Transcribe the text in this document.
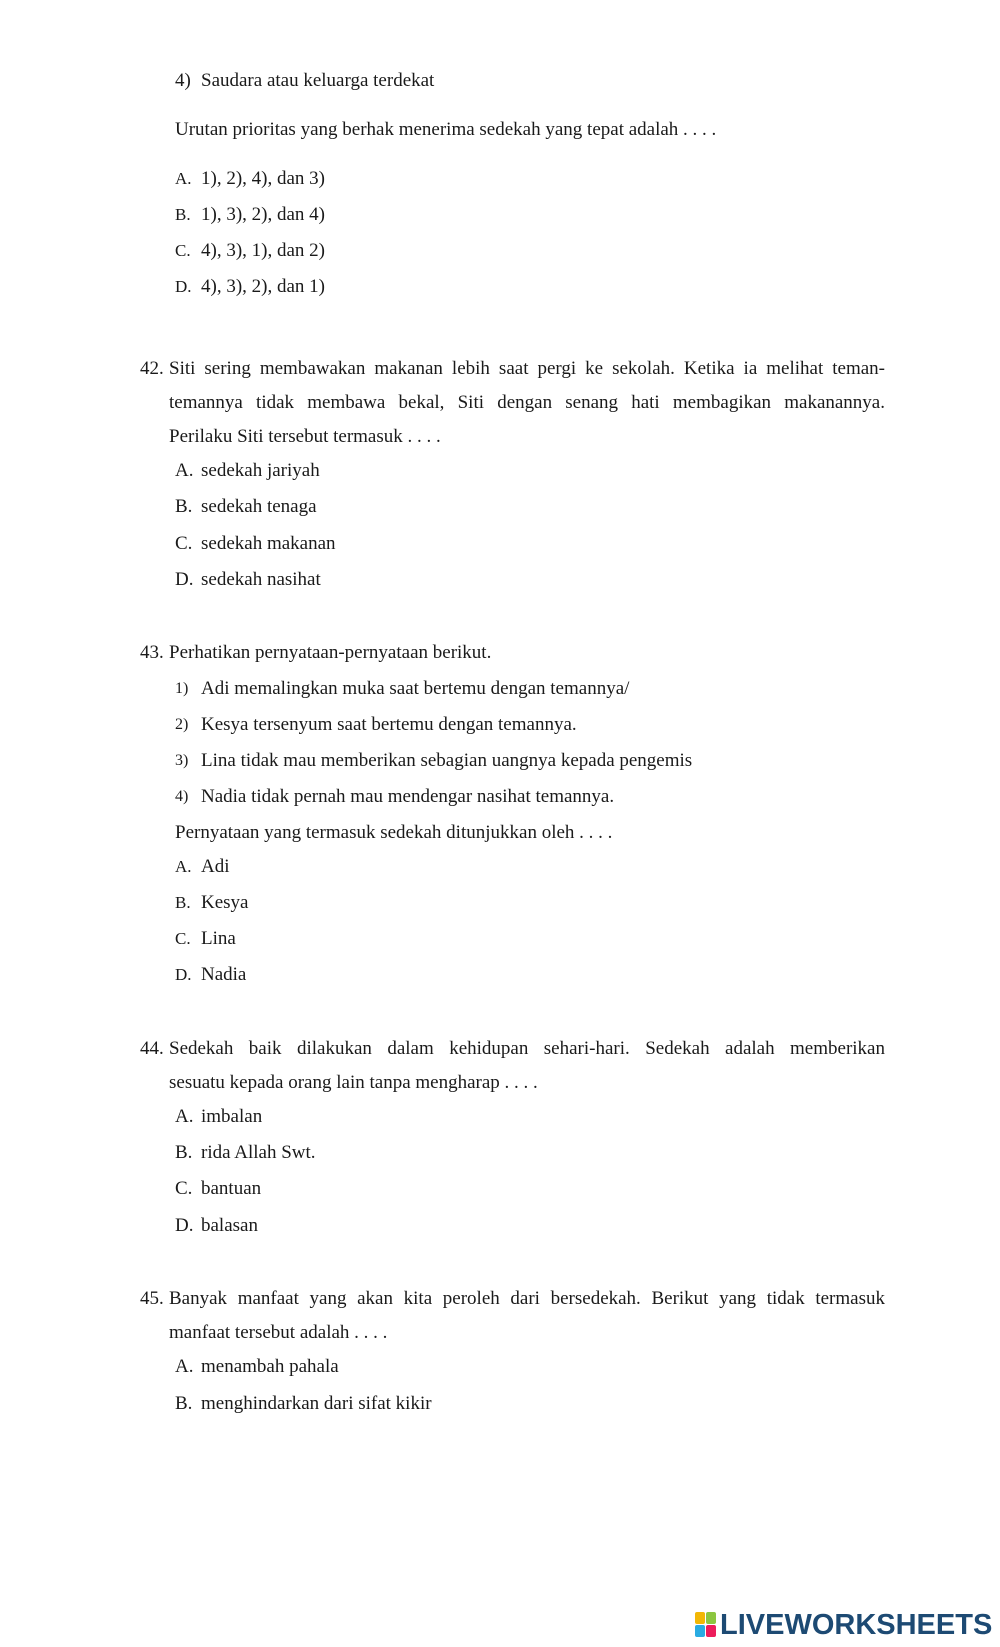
4) Saudara atau keluarga terdekat
Urutan prioritas yang berhak menerima sedekah yang tepat adalah . . . .
A. 1), 2), 4), dan 3)
B. 1), 3), 2), dan 4)
C. 4), 3), 1), dan 2)
D. 4), 3), 2), dan 1)
42. Siti sering membawakan makanan lebih saat pergi ke sekolah. Ketika ia melihat teman-
temannya tidak membawa bekal, Siti dengan senang hati membagikan makanannya.
Perilaku Siti tersebut termasuk . . . .
A. sedekah jariyah
B. sedekah tenaga
C. sedekah makanan
D. sedekah nasihat
43. Perhatikan pernyataan-pernyataan berikut.
1) Adi memalingkan muka saat bertemu dengan temannya/
2) Kesya tersenyum saat bertemu dengan temannya.
3) Lina tidak mau memberikan sebagian uangnya kepada pengemis
4) Nadia tidak pernah mau mendengar nasihat temannya.
Pernyataan yang termasuk sedekah ditunjukkan oleh . . . .
A. Adi
B. Kesya
C. Lina
D. Nadia
44. Sedekah baik dilakukan dalam kehidupan sehari-hari. Sedekah adalah memberikan
sesuatu kepada orang lain tanpa mengharap . . . .
A. imbalan
B. rida Allah Swt.
C. bantuan
D. balasan
45. Banyak manfaat yang akan kita peroleh dari bersedekah. Berikut yang tidak termasuk
manfaat tersebut adalah . . . .
A. menambah pahala
B. menghindarkan dari sifat kikir
LIVEWORKSHEETS
